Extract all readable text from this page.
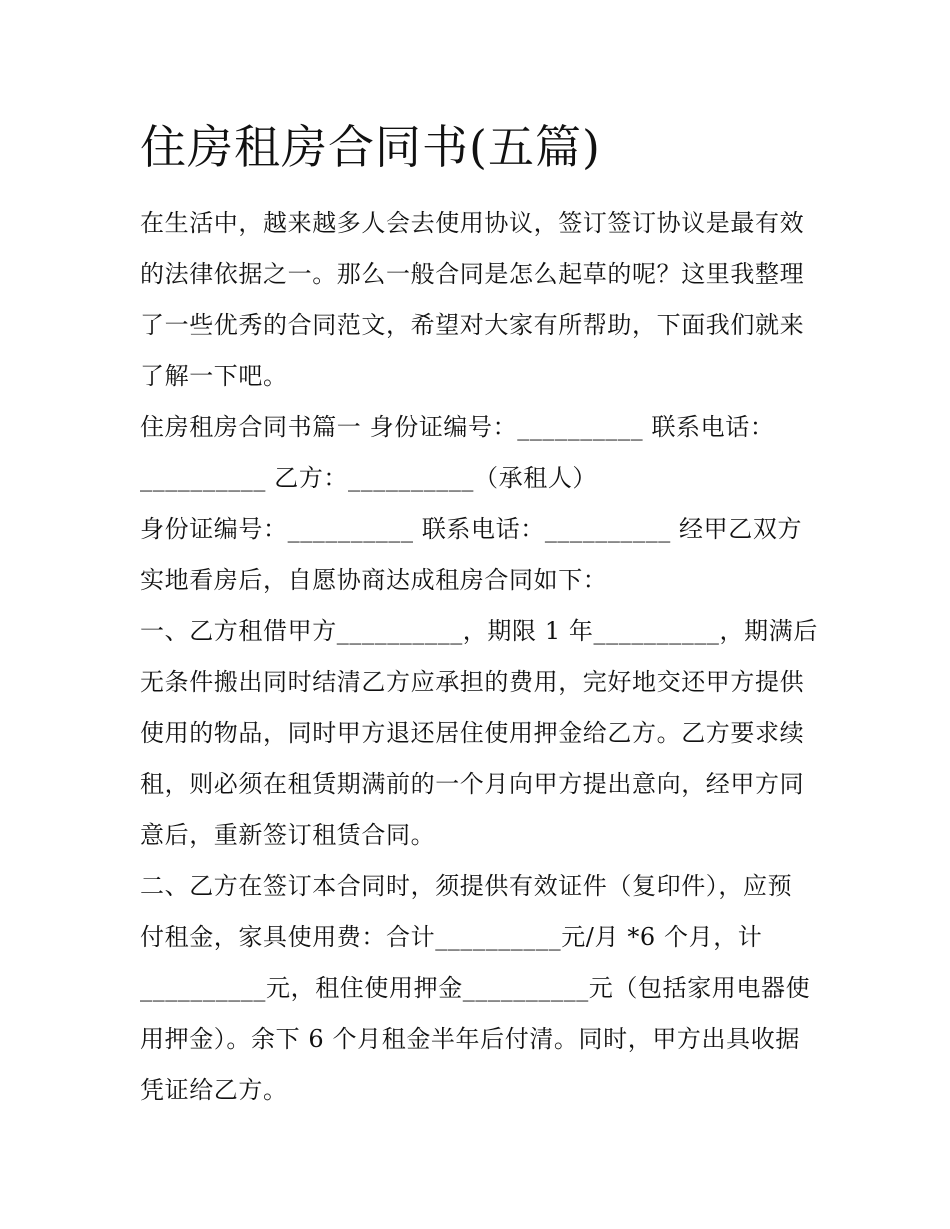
住房租房合同书(五篇)
在生活中，越来越多人会去使用协议，签订签订协议是最有效
的法律依据之一。那么一般合同是怎么起草的呢？这里我整理
了一些优秀的合同范文，希望对大家有所帮助，下面我们就来
了解一下吧。
住房租房合同书篇一 身份证编号：__________ 联系电话：
__________ 乙方：__________（承租人）
身份证编号：__________ 联系电话：__________ 经甲乙双方
实地看房后，自愿协商达成租房合同如下：
一、乙方租借甲方__________，期限 1 年__________，期满后
无条件搬出同时结清乙方应承担的费用，完好地交还甲方提供
使用的物品，同时甲方退还居住使用押金给乙方。乙方要求续
租，则必须在租赁期满前的一个月向甲方提出意向，经甲方同
意后，重新签订租赁合同。
二、乙方在签订本合同时，须提供有效证件（复印件），应预
付租金，家具使用费：合计__________元/月 *6 个月，计
__________元，租住使用押金__________元（包括家用电器使
用押金）。余下 6 个月租金半年后付清。同时，甲方出具收据
凭证给乙方。
